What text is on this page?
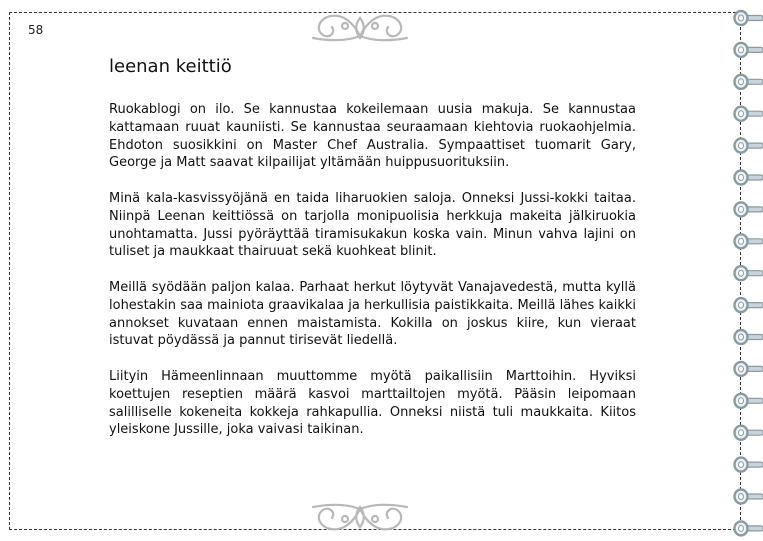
58
leenan keittiö

Ruokablogi on ilo. Se kannustaa kokeilemaan uusia makuja. Se kannustaa kattamaan ruuat kauniisti. Se kannustaa seuraamaan kiehtovia ruokaohjelmia. Ehdoton suosikkini on Master Chef Australia. Sympaattiset tuomarit Gary, George ja Matt saavat kilpailijat yltämään huippusuorituksiin.

Minä kala-kasvissyöjänä en taida liharuokien saloja. Onneksi Jussi-kokki taitaa. Niinpä Leenan keittiössä on tarjolla monipuolisia herkkuja makeita jälkiruokia unohtamatta. Jussi pyöräyttää tiramisukakun koska vain. Minun vahva lajini on tuliset ja maukkaat thairuuat sekä kuohkeat blinit.

Meillä syödään paljon kalaa. Parhaat herkut löytyvät Vanajavedestä, mutta kyllä lohestakin saa mainiota graavikalaa ja herkullisia paistikkaita. Meillä lähes kaikki annokset kuvataan ennen maistamista. Kokilla on joskus kiire, kun vieraat istuvat pöydässä ja pannut tirisevät liedellä.

Liityin Hämeenlinnaan muuttomme myötä paikallisiin Marttoihin. Hyviksi koettujen reseptien määrä kasvoi marttailtojen myötä. Pääsin leipomaan salilliselle kokeneita kokkeja rahkapullia. Onneksi niistä tuli maukkaita. Kiitos yleiskone Jussille, joka vaivasi taikinan.
